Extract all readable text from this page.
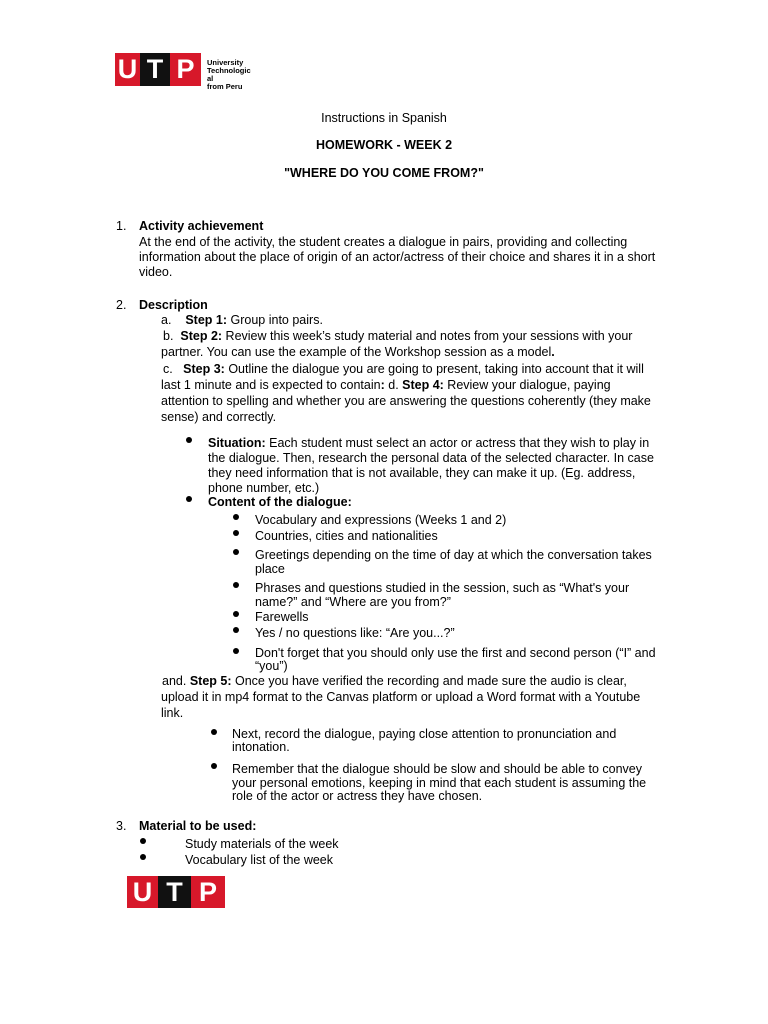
U T P	University
Technologic
al
from Peru
Instructions in Spanish
HOMEWORK - WEEK 2
"WHERE DO YOU COME FROM?"
1. Activity achievement
At the end of the activity, the student creates a dialogue in pairs, providing and collecting
information about the place of origin of an actor/actress of their choice and shares it in a short
video.
2. Description
a. Step 1: Group into pairs.
b. Step 2: Review this week’s study material and notes from your sessions with your
partner. You can use the example of the Workshop session as a model.
c. Step 3: Outline the dialogue you are going to present, taking into account that it will
last 1 minute and is expected to contain: d. Step 4: Review your dialogue, paying
attention to spelling and whether you are answering the questions coherently (they make
sense) and correctly.
Situation: Each student must select an actor or actress that they wish to play in
the dialogue. Then, research the personal data of the selected character. In case
they need information that is not available, they can make it up. (Eg. address,
phone number, etc.)
Content of the dialogue:
Vocabulary and expressions (Weeks 1 and 2)
Countries, cities and nationalities
Greetings depending on the time of day at which the conversation takes
place
Phrases and questions studied in the session, such as “What's your
name?” and “Where are you from?”
Farewells
Yes / no questions like: “Are you...?”
Don't forget that you should only use the first and second person (“I” and
“you”)
and. Step 5: Once you have verified the recording and made sure the audio is clear,
upload it in mp4 format to the Canvas platform or upload a Word format with a Youtube
link.
Next, record the dialogue, paying close attention to pronunciation and
intonation.
Remember that the dialogue should be slow and should be able to convey
your personal emotions, keeping in mind that each student is assuming the
role of the actor or actress they have chosen.
3. Material to be used:
Study materials of the week
Vocabulary list of the week
U T P
